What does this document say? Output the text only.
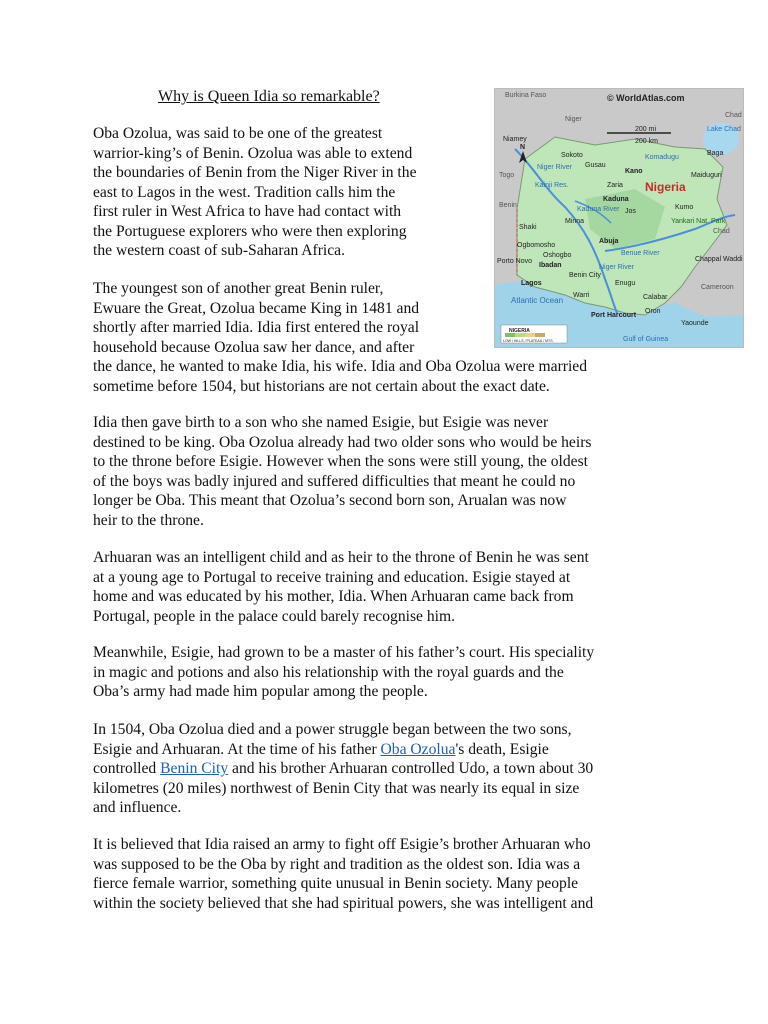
Why is Queen Idia so remarkable?	© WorldAtlas.com
200 mi
200 km
N
Nigeria
NIGERIA
LOW / HILLS / PLATEAU / MTS.
Burkina Faso
Niger
Chad
Lake Chad
Niamey
Sokoto
Gusau
Komadugu
Baga
Maiduguri
Niger River
Kainji Res.
Kano
Zaria
Togo
Kaduna
Kumo
Benin
Shaki
Minna
Kaduna River Jos
Yankari Nat. Park
Chad
Ogbomosho
Abuja
Oshogbo	Benue River
Chappal Waddi
Porto Novo
Ibadan
Benin City
Niger River
Lagos	Enugu
Cameroon
Atlantic Ocean
Warri	Calabar
Oron
Port Harcourt
Yaounde
Gulf of Guinea

Oba Ozolua, was said to be one of the greatest
warrior-king’s of Benin. Ozolua was able to extend
the boundaries of Benin from the Niger River in the
east to Lagos in the west. Tradition calls him the
first ruler in West Africa to have had contact with
the Portuguese explorers who were then exploring
the western coast of sub-Saharan Africa.

The youngest son of another great Benin ruler,
Ewuare the Great, Ozolua became King in 1481 and
shortly after married Idia. Idia first entered the royal
household because Ozolua saw her dance, and after
the dance, he wanted to make Idia, his wife. Idia and Oba Ozolua were married
sometime before 1504, but historians are not certain about the exact date.

Idia then gave birth to a son who she named Esigie, but Esigie was never
destined to be king. Oba Ozolua already had two older sons who would be heirs
to the throne before Esigie. However when the sons were still young, the oldest
of the boys was badly injured and suffered difficulties that meant he could no
longer be Oba. This meant that Ozolua’s second born son, Arualan was now
heir to the throne.

Arhuaran was an intelligent child and as heir to the throne of Benin he was sent
at a young age to Portugal to receive training and education. Esigie stayed at
home and was educated by his mother, Idia. When Arhuaran came back from
Portugal, people in the palace could barely recognise him.

Meanwhile, Esigie, had grown to be a master of his father’s court. His speciality
in magic and potions and also his relationship with the royal guards and the
Oba’s army had made him popular among the people.

In 1504, Oba Ozolua died and a power struggle began between the two sons,
Esigie and Arhuaran. At the time of his father Oba Ozolua's death, Esigie
controlled Benin City and his brother Arhuaran controlled Udo, a town about 30
kilometres (20 miles) northwest of Benin City that was nearly its equal in size
and influence.

It is believed that Idia raised an army to fight off Esigie’s brother Arhuaran who
was supposed to be the Oba by right and tradition as the oldest son. Idia was a
fierce female warrior, something quite unusual in Benin society. Many people
within the society believed that she had spiritual powers, she was intelligent and
